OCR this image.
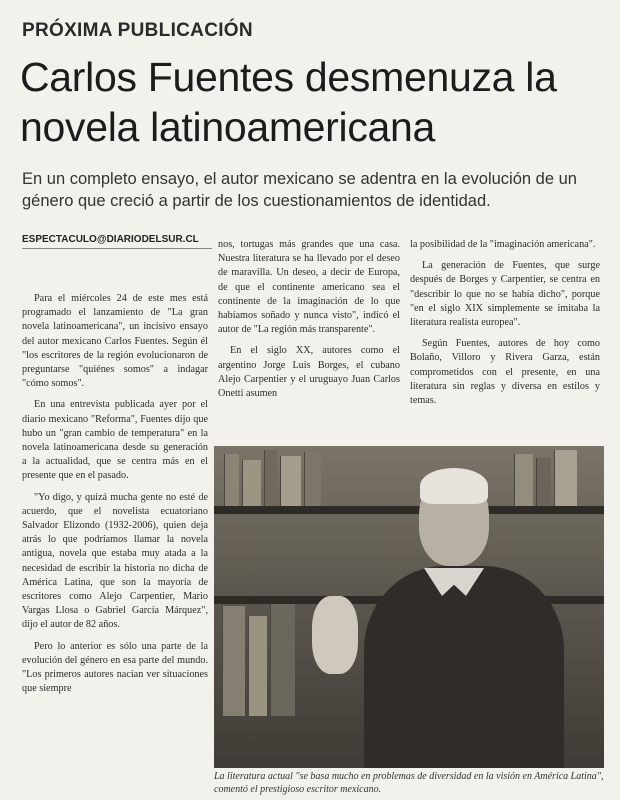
PRÓXIMA PUBLICACIÓN
Carlos Fuentes desmenuza la novela latinoamericana
En un completo ensayo, el autor mexicano se adentra en la evolución de un género que creció a partir de los cuestionamientos de identidad.
ESPECTACULO@DIARIODELSUR.CL

Para el miércoles 24 de este mes está programado el lanzamiento de "La gran novela latinoamericana", un incisivo ensayo del autor mexicano Carlos Fuentes. Según él "los escritores de la región evolucionaron de preguntarse "quiénes somos" a indagar "cómo somos".

En una entrevista publicada ayer por el diario mexicano "Reforma", Fuentes dijo que hubo un "gran cambio de temperatura" en la novela latinoamericana desde su generación a la actualidad, que se centra más en el presente que en el pasado.

"Yo digo, y quizá mucha gente no esté de acuerdo, que el novelista ecuatoriano Salvador Elizondo (1932-2006), quien deja atrás lo que podríamos llamar la novela antigua, novela que estaba muy atada a la necesidad de escribir la historia no dicha de América Latina, que son la mayoría de escritores como Alejo Carpentier, Mario Vargas Llosa o Gabriel García Márquez", dijo el autor de 82 años.

Pero lo anterior es sólo una parte de la evolución del género en esa parte del mundo. "Los primeros autores nacían ver situaciones que siempre

nos, tortugas más grandes que una casa. Nuestra literatura se ha llevado por el deseo de maravilla. Un deseo, a decir de Europa, de que el continente americano sea el continente de la imaginación de lo que habíamos soñado y nunca visto", indicó el autor de "La región más transparente".

En el siglo XX, autores como el argentino Jorge Luis Borges, el cubano Alejo Carpentier y el uruguayo Juan Carlos Onetti asumen

la posibilidad de la "imaginación americana".

La generación de Fuentes, que surge después de Borges y Carpentier, se centra en "describir lo que no se había dicho", porque "en el siglo XIX simplemente se imitaba la literatura realista europea".

Según Fuentes, autores de hoy como Bolaño, Villoro y Rivera Garza, están comprometidos con el presente, en una literatura sin reglas y diversa en estilos y temas.

La literatura actual "se basa mucho en problemas de diversidad en la visión en América Latina", comentó el prestigioso escritor mexicano.
